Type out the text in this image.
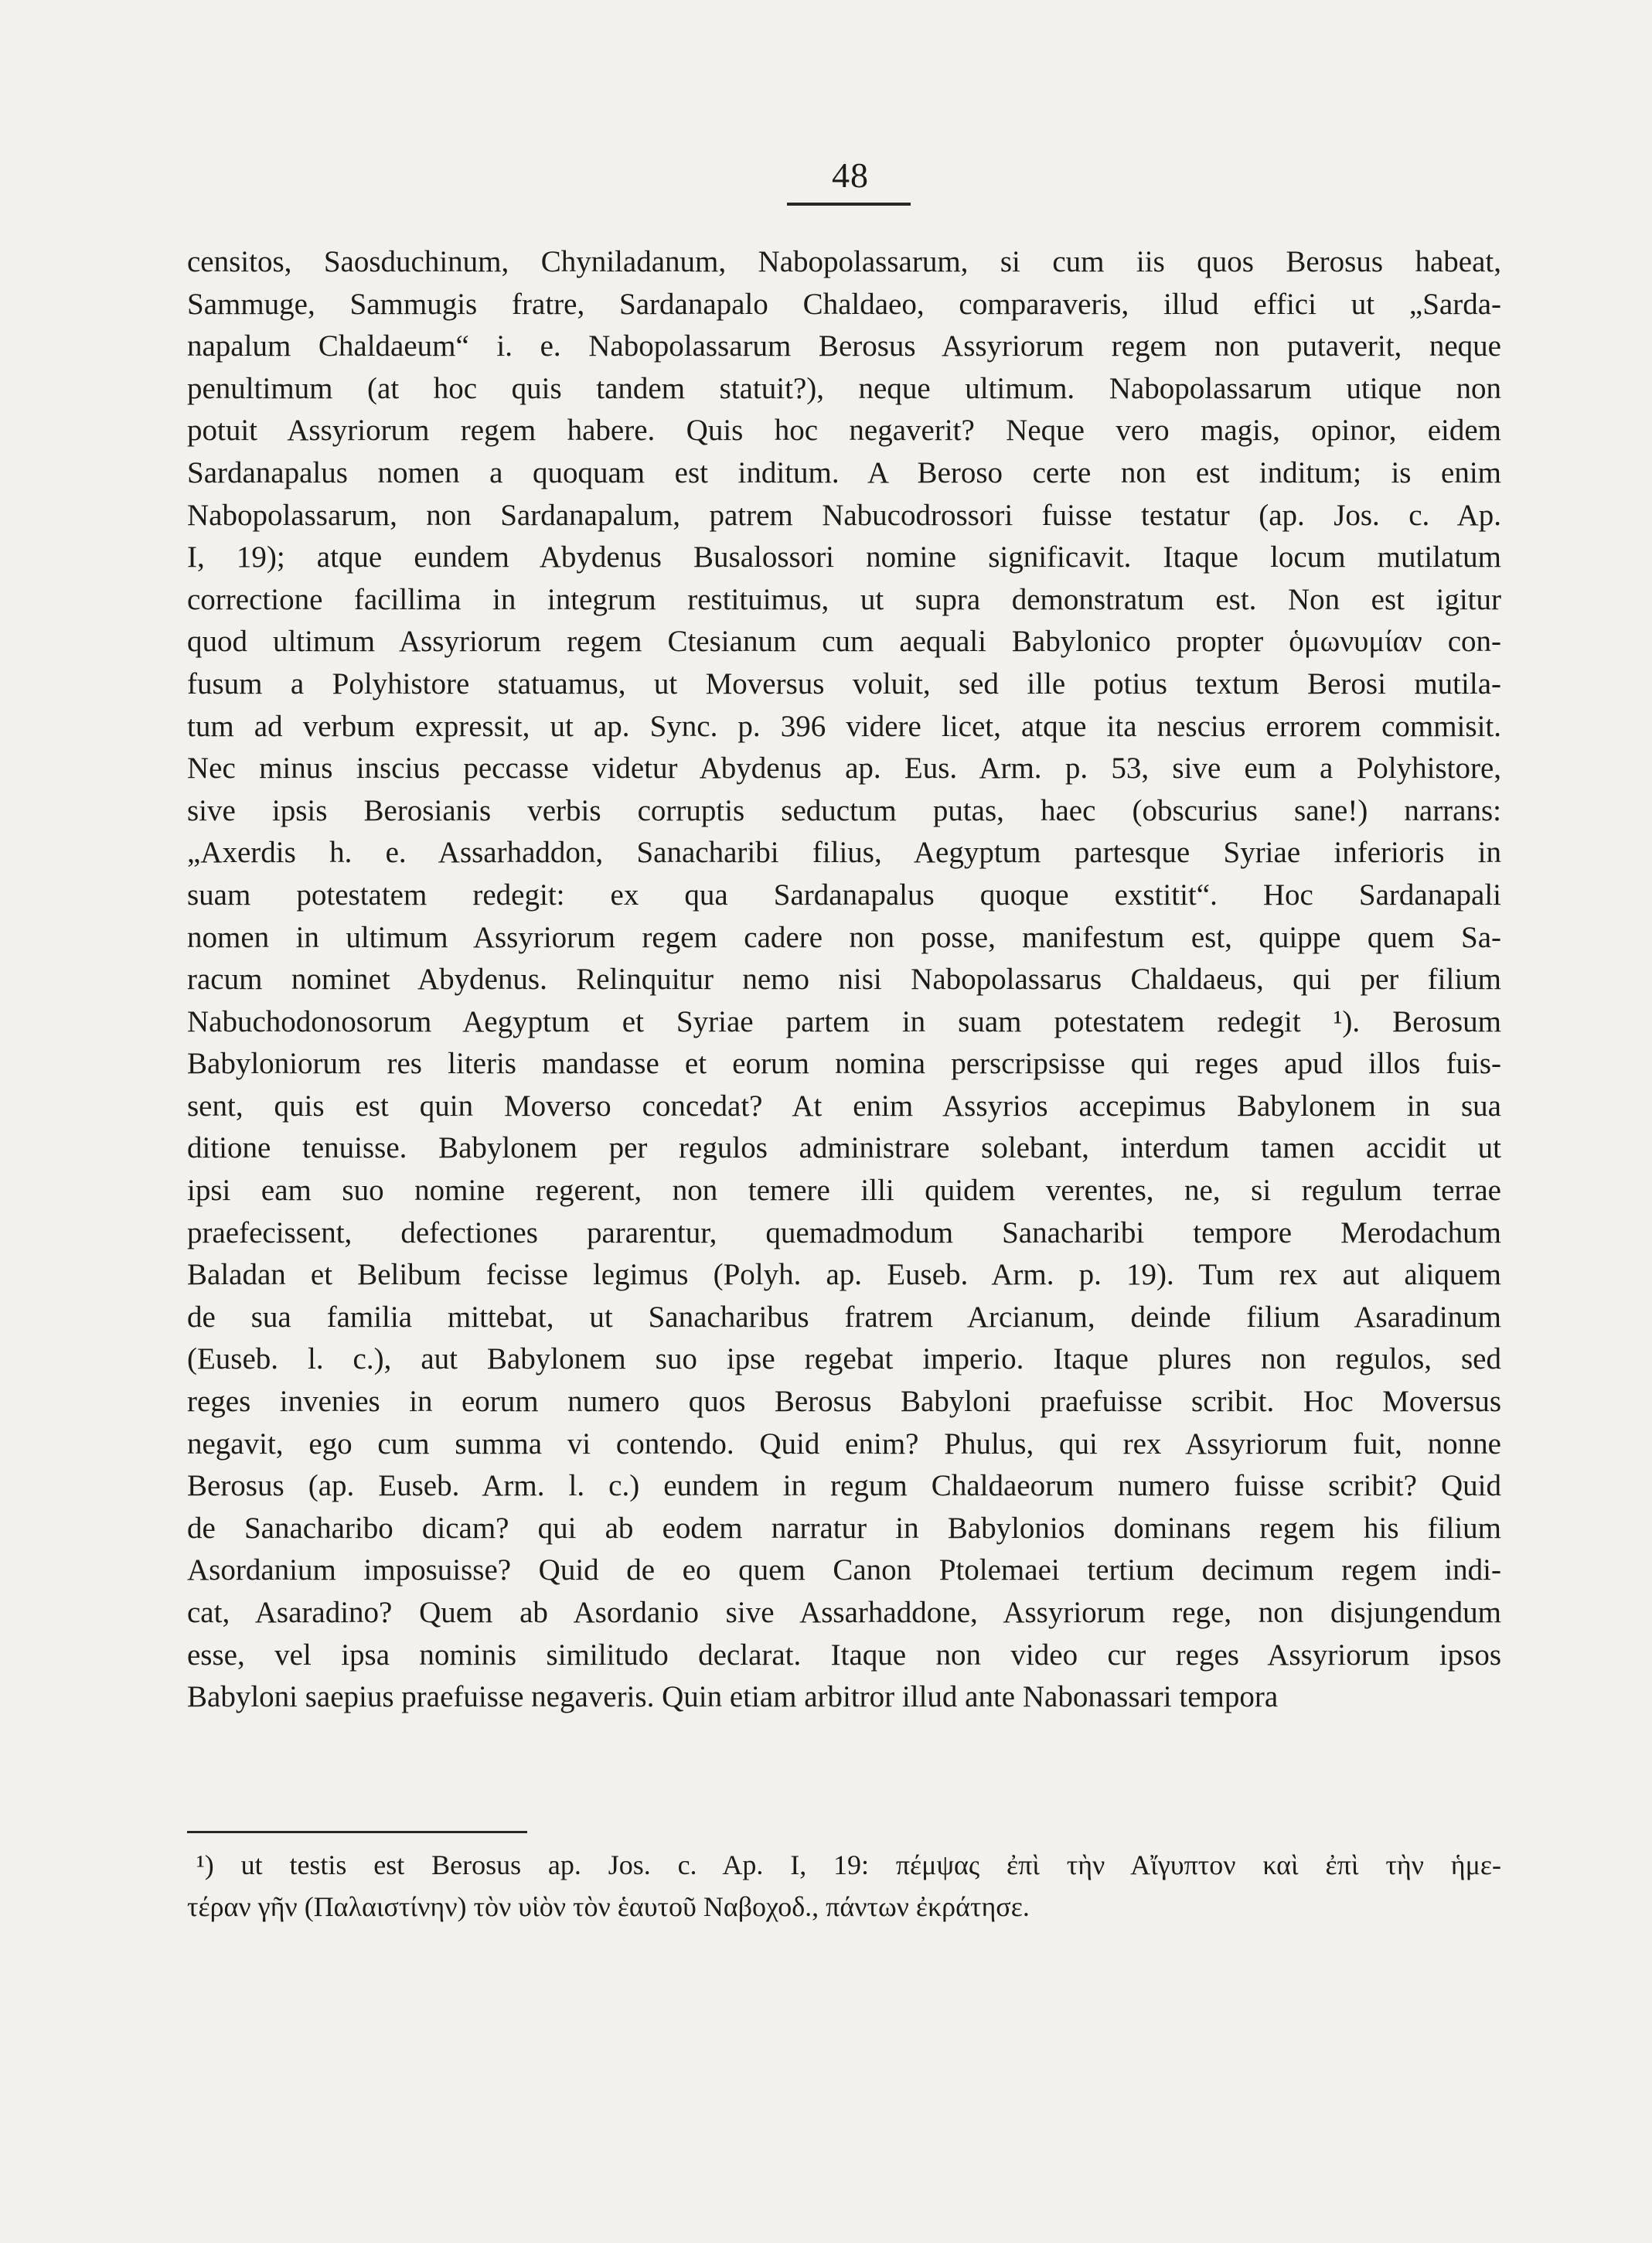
48
censitos, Saosduchinum, Chyniladanum, Nabopolassarum, si cum iis quos Berosus habeat,
Sammuge, Sammugis fratre, Sardanapalo Chaldaeo, comparaveris, illud effici ut „Sarda-
napalum Chaldaeum“ i. e. Nabopolassarum Berosus Assyriorum regem non putaverit, neque
penultimum (at hoc quis tandem statuit?), neque ultimum. Nabopolassarum utique non
potuit Assyriorum regem habere. Quis hoc negaverit? Neque vero magis, opinor, eidem
Sardanapalus nomen a quoquam est inditum. A Beroso certe non est inditum; is enim
Nabopolassarum, non Sardanapalum, patrem Nabucodrossori fuisse testatur (ap. Jos. c. Ap.
I, 19); atque eundem Abydenus Busalossori nomine significavit. Itaque locum mutilatum
correctione facillima in integrum restituimus, ut supra demonstratum est. Non est igitur
quod ultimum Assyriorum regem Ctesianum cum aequali Babylonico propter ὁμωνυμίαν con-
fusum a Polyhistore statuamus, ut Moversus voluit, sed ille potius textum Berosi mutila-
tum ad verbum expressit, ut ap. Sync. p. 396 videre licet, atque ita nescius errorem commisit.
Nec minus inscius peccasse videtur Abydenus ap. Eus. Arm. p. 53, sive eum a Polyhistore,
sive ipsis Berosianis verbis corruptis seductum putas, haec (obscurius sane!) narrans:
„Axerdis h. e. Assarhaddon, Sanacharibi filius, Aegyptum partesque Syriae inferioris in
suam potestatem redegit: ex qua Sardanapalus quoque exstitit“. Hoc Sardanapali
nomen in ultimum Assyriorum regem cadere non posse, manifestum est, quippe quem Sa-
racum nominet Abydenus. Relinquitur nemo nisi Nabopolassarus Chaldaeus, qui per filium
Nabuchodonosorum Aegyptum et Syriae partem in suam potestatem redegit ¹). Berosum
Babyloniorum res literis mandasse et eorum nomina perscripsisse qui reges apud illos fuis-
sent, quis est quin Moverso concedat? At enim Assyrios accepimus Babylonem in sua
ditione tenuisse. Babylonem per regulos administrare solebant, interdum tamen accidit ut
ipsi eam suo nomine regerent, non temere illi quidem verentes, ne, si regulum terrae
praefecissent, defectiones pararentur, quemadmodum Sanacharibi tempore Merodachum
Baladan et Belibum fecisse legimus (Polyh. ap. Euseb. Arm. p. 19). Tum rex aut aliquem
de sua familia mittebat, ut Sanacharibus fratrem Arcianum, deinde filium Asaradinum
(Euseb. l. c.), aut Babylonem suo ipse regebat imperio. Itaque plures non regulos, sed
reges invenies in eorum numero quos Berosus Babyloni praefuisse scribit. Hoc Moversus
negavit, ego cum summa vi contendo. Quid enim? Phulus, qui rex Assyriorum fuit, nonne
Berosus (ap. Euseb. Arm. l. c.) eundem in regum Chaldaeorum numero fuisse scribit? Quid
de Sanacharibo dicam? qui ab eodem narratur in Babylonios dominans regem his filium
Asordanium imposuisse? Quid de eo quem Canon Ptolemaei tertium decimum regem indi-
cat, Asaradino? Quem ab Asordanio sive Assarhaddone, Assyriorum rege, non disjungendum
esse, vel ipsa nominis similitudo declarat. Itaque non video cur reges Assyriorum ipsos
Babyloni saepius praefuisse negaveris. Quin etiam arbitror illud ante Nabonassari tempora
¹) ut testis est Berosus ap. Jos. c. Ap. I, 19: πέμψας ἐπὶ τὴν Αἴγυπτον καὶ ἐπὶ τὴν ἡμε-
τέραν γῆν (Παλαιστίνην) τὸν υἱὸν τὸν ἑαυτοῦ Ναβοχοδ., πάντων ἐκράτησε.
